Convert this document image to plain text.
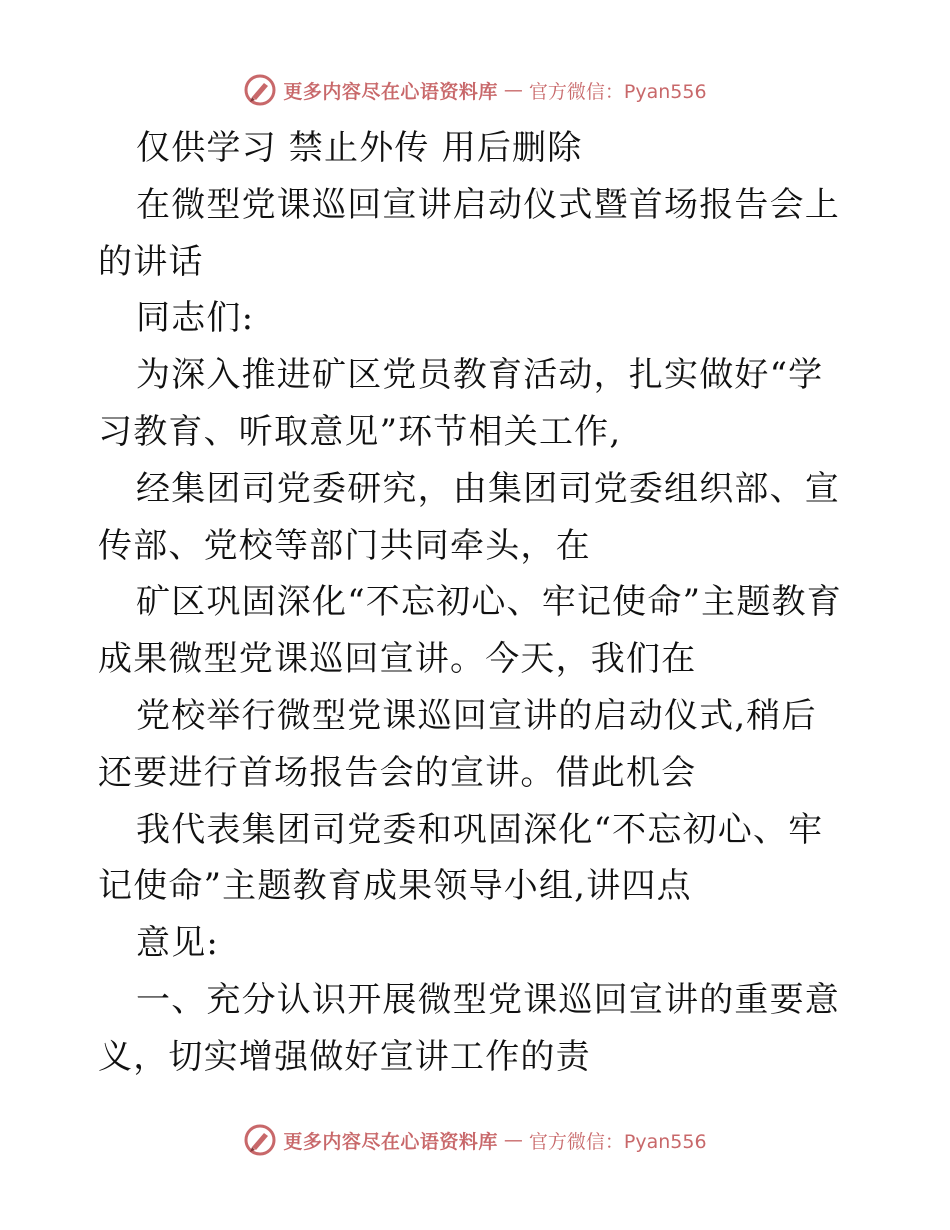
更多内容尽在心语资料库 — 官方微信：Pyan556

仅供学习 禁止外传 用后删除

在微型党课巡回宣讲启动仪式暨首场报告会上的讲话

同志们:

为深入推进矿区党员教育活动，扎实做好“学习教育、听取意见”环节相关工作,

经集团司党委研究，由集团司党委组织部、宣传部、党校等部门共同牵头，在

矿区巩固深化“不忘初心、牢记使命”主题教育成果微型党课巡回宣讲。今天，我们在

党校举行微型党课巡回宣讲的启动仪式,稍后还要进行首场报告会的宣讲。借此机会

我代表集团司党委和巩固深化“不忘初心、牢记使命”主题教育成果领导小组,讲四点

意见:

一、充分认识开展微型党课巡回宣讲的重要意义，切实增强做好宣讲工作的责

更多内容尽在心语资料库 — 官方微信：Pyan556
